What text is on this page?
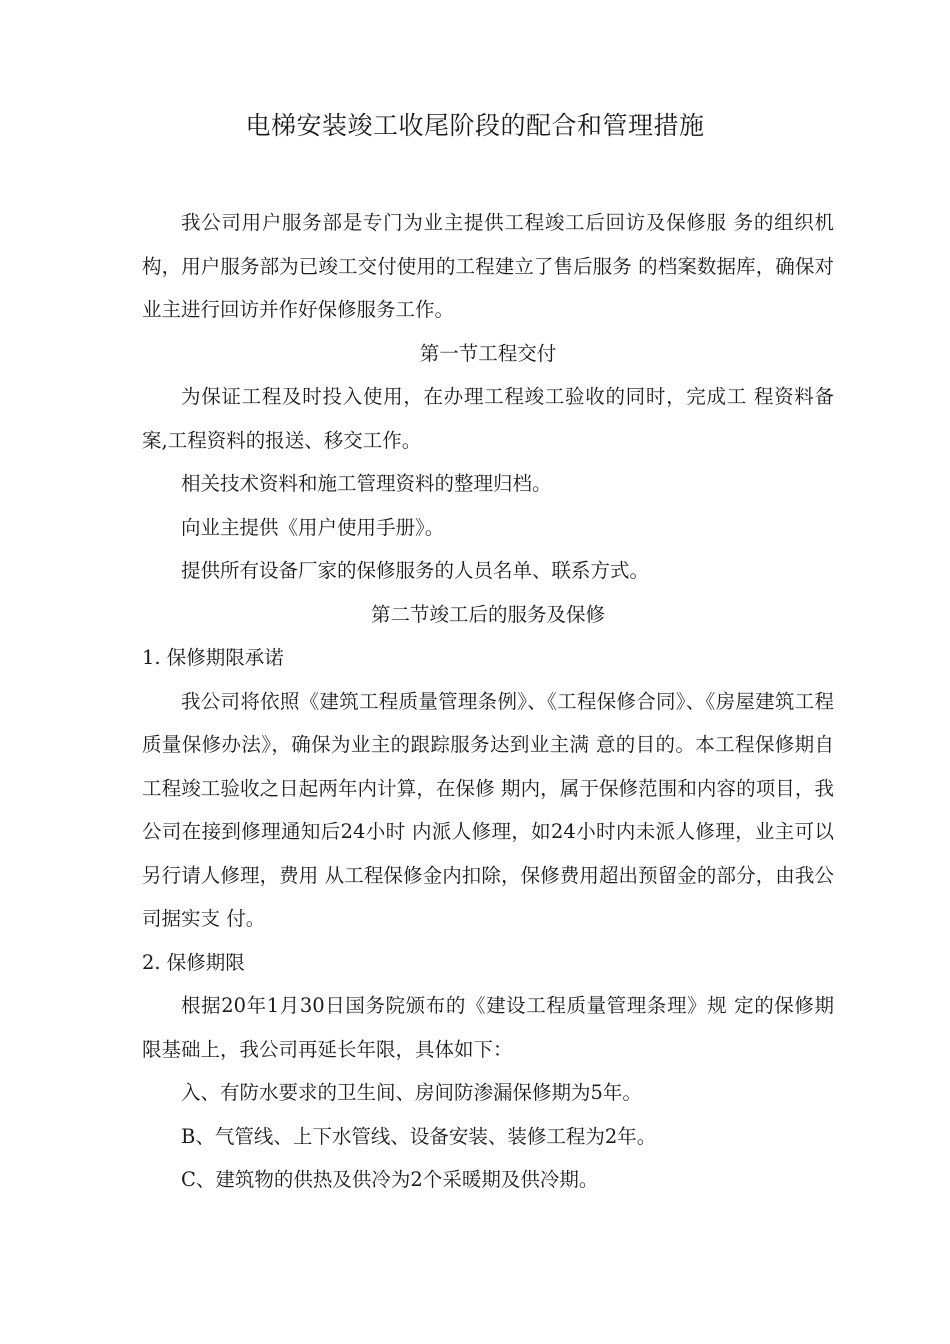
电梯安装竣工收尾阶段的配合和管理措施

我公司用户服务部是专门为业主提供工程竣工后回访及保修服 务的组织机构，用户服务部为已竣工交付使用的工程建立了售后服务 的档案数据库，确保对业主进行回访并作好保修服务工作。

第一节工程交付

为保证工程及时投入使用，在办理工程竣工验收的同时，完成工 程资料备案,工程资料的报送、移交工作。

相关技术资料和施工管理资料的整理归档。

向业主提供《用户使用手册》。

提供所有设备厂家的保修服务的人员名单、联系方式。

第二节竣工后的服务及保修

1. 保修期限承诺

我公司将依照《建筑工程质量管理条例》、《工程保修合同》、《房屋建筑工程质量保修办法》，确保为业主的跟踪服务达到业主满 意的目的。本工程保修期自工程竣工验收之日起两年内计算，在保修 期内，属于保修范围和内容的项目，我公司在接到修理通知后24小时 内派人修理，如24小时内未派人修理，业主可以另行请人修理，费用 从工程保修金内扣除，保修费用超出预留金的部分，由我公司据实支 付。

2. 保修期限

根据20年1月30日国务院颁布的《建设工程质量管理条理》规 定的保修期限基础上，我公司再延长年限，具体如下：

入、有防水要求的卫生间、房间防渗漏保修期为5年。

B、气管线、上下水管线、设备安装、装修工程为2年。

C、建筑物的供热及供冷为2个采暖期及供冷期。
